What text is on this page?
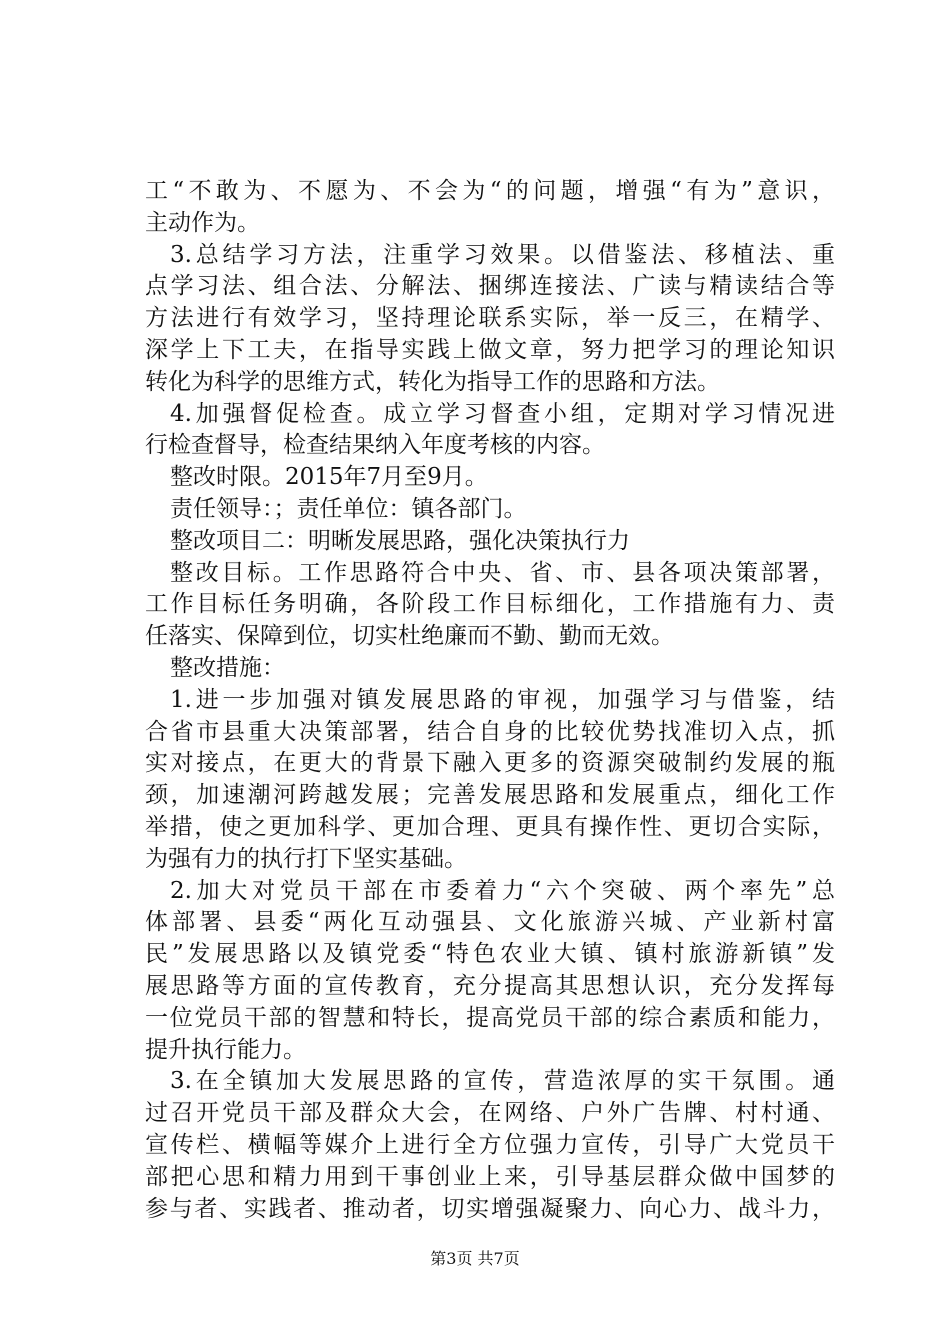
工“不敢为、不愿为、不会为“的问题，增强“有为”意识，
主动作为。
3.总结学习方法，注重学习效果。以借鉴法、移植法、重
点学习法、组合法、分解法、捆绑连接法、广读与精读结合等
方法进行有效学习，坚持理论联系实际，举一反三，在精学、
深学上下工夫，在指导实践上做文章，努力把学习的理论知识
转化为科学的思维方式，转化为指导工作的思路和方法。
4.加强督促检查。成立学习督查小组，定期对学习情况进
行检查督导，检查结果纳入年度考核的内容。
整改时限。2015年7月至9月。
责任领导：；责任单位：镇各部门。
整改项目二：明晰发展思路，强化决策执行力
整改目标。工作思路符合中央、省、市、县各项决策部署，
工作目标任务明确，各阶段工作目标细化，工作措施有力、责
任落实、保障到位，切实杜绝廉而不勤、勤而无效。
整改措施：
1.进一步加强对镇发展思路的审视，加强学习与借鉴，结
合省市县重大决策部署，结合自身的比较优势找准切入点，抓
实对接点，在更大的背景下融入更多的资源突破制约发展的瓶
颈，加速潮河跨越发展；完善发展思路和发展重点，细化工作
举措，使之更加科学、更加合理、更具有操作性、更切合实际，
为强有力的执行打下坚实基础。
2.加大对党员干部在市委着力“六个突破、两个率先”总
体部署、县委“两化互动强县、文化旅游兴城、产业新村富
民”发展思路以及镇党委“特色农业大镇、镇村旅游新镇”发
展思路等方面的宣传教育，充分提高其思想认识，充分发挥每
一位党员干部的智慧和特长，提高党员干部的综合素质和能力，
提升执行能力。
3.在全镇加大发展思路的宣传，营造浓厚的实干氛围。通
过召开党员干部及群众大会，在网络、户外广告牌、村村通、
宣传栏、横幅等媒介上进行全方位强力宣传，引导广大党员干
部把心思和精力用到干事创业上来，引导基层群众做中国梦的
参与者、实践者、推动者，切实增强凝聚力、向心力、战斗力，
第3页 共7页
